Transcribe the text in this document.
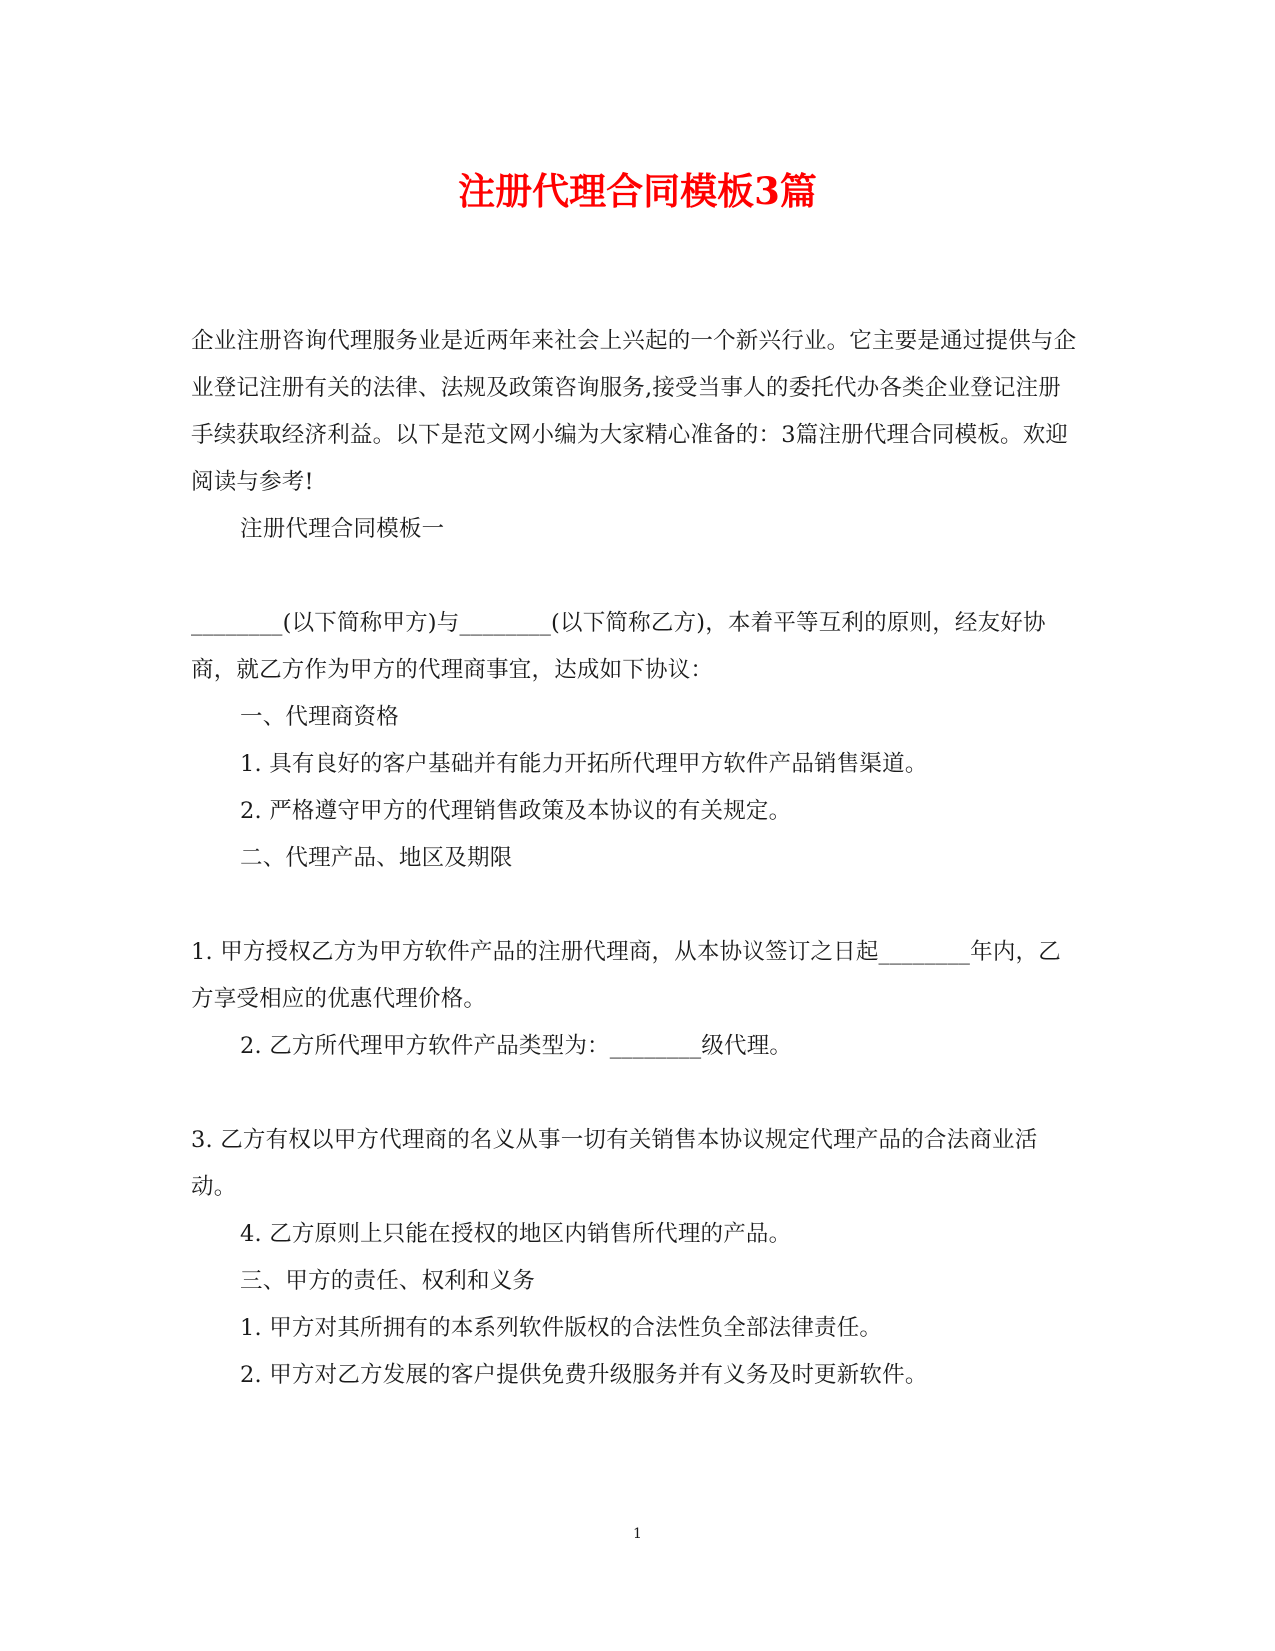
注册代理合同模板3篇

企业注册咨询代理服务业是近两年来社会上兴起的一个新兴行业。它主要是通过提供与企业登记注册有关的法律、法规及政策咨询服务,接受当事人的委托代办各类企业登记注册手续获取经济利益。以下是范文网小编为大家精心准备的：3篇注册代理合同模板。欢迎阅读与参考!

注册代理合同模板一

________(以下简称甲方)与________(以下简称乙方)，本着平等互利的原则，经友好协商，就乙方作为甲方的代理商事宜，达成如下协议：

一、代理商资格

1. 具有良好的客户基础并有能力开拓所代理甲方软件产品销售渠道。

2. 严格遵守甲方的代理销售政策及本协议的有关规定。

二、代理产品、地区及期限

1. 甲方授权乙方为甲方软件产品的注册代理商，从本协议签订之日起________年内，乙方享受相应的优惠代理价格。

2. 乙方所代理甲方软件产品类型为：________级代理。

3. 乙方有权以甲方代理商的名义从事一切有关销售本协议规定代理产品的合法商业活动。

4. 乙方原则上只能在授权的地区内销售所代理的产品。

三、甲方的责任、权利和义务

1. 甲方对其所拥有的本系列软件版权的合法性负全部法律责任。

2. 甲方对乙方发展的客户提供免费升级服务并有义务及时更新软件。

1
